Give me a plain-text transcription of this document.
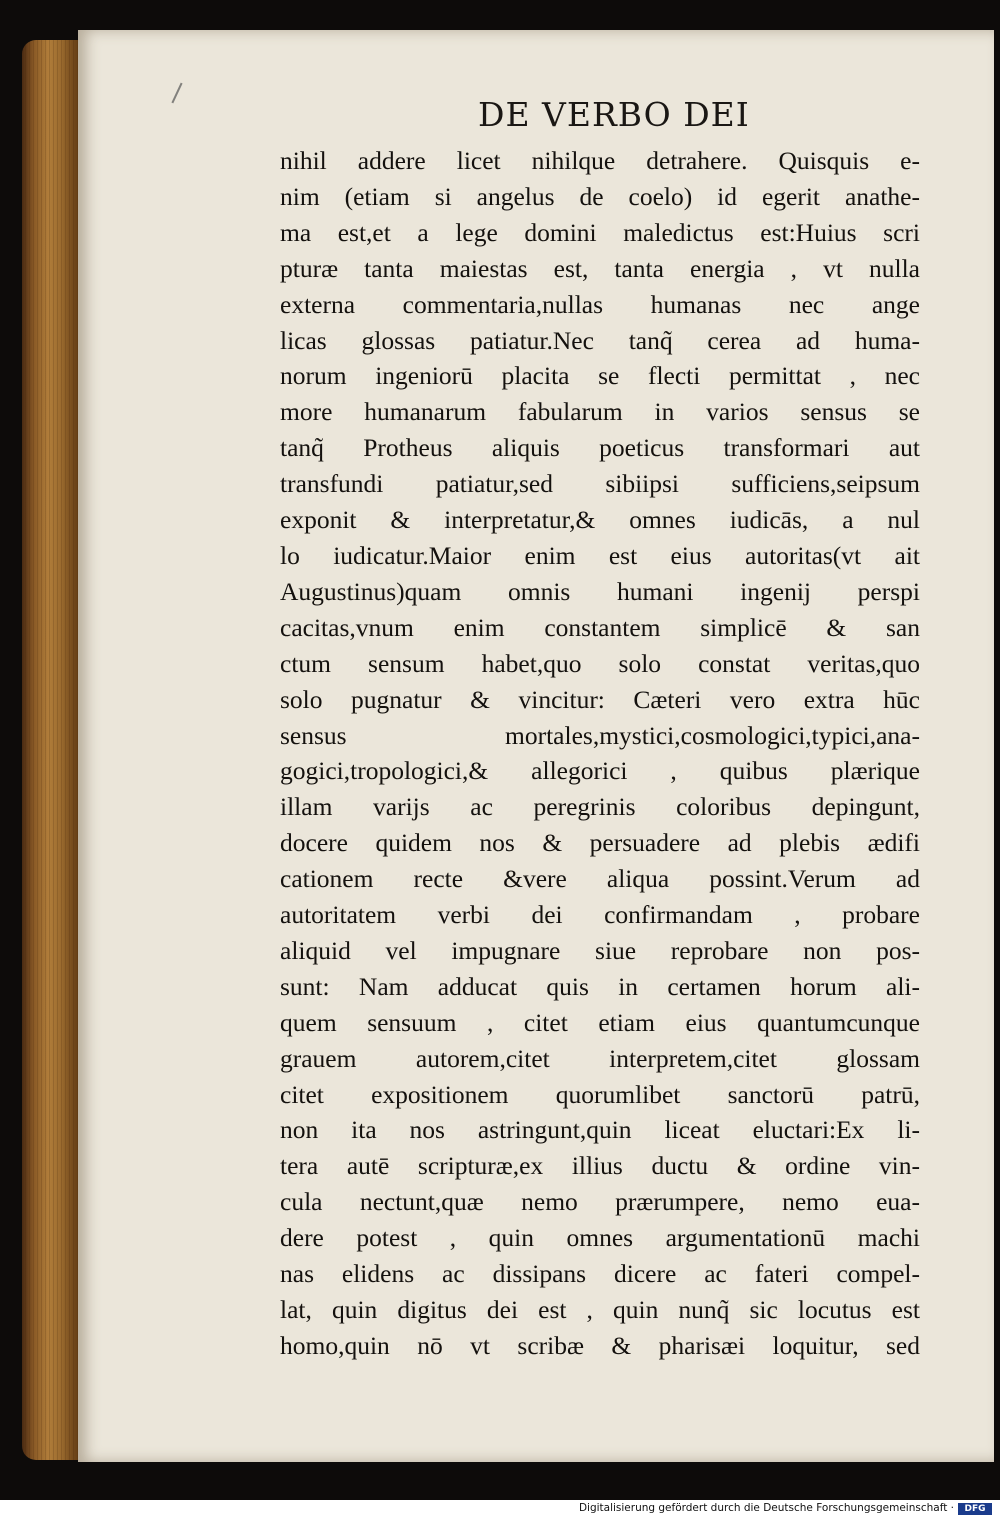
DE VERBO DEI
nihil addere licet nihilque detrahere. Quisquis e-
nim (etiam si angelus de coelo) id egerit anathe-
ma est,et a lege domini maledictus est:Huius scri
pturæ tanta maiestas est, tanta energia , vt nulla
externa commentaria,nullas humanas nec ange
licas glossas patiatur.Nec tanq̃ cerea ad huma-
norum ingeniorū placita se flecti permittat , nec
more humanarum fabularum in varios sensus se
tanq̃ Protheus aliquis poeticus transformari aut
transfundi patiatur,sed sibiipsi sufficiens,seipsum
exponit & interpretatur,& omnes iudicās, a nul
lo iudicatur.Maior enim est eius autoritas(vt ait
Augustinus)quam omnis humani ingenij perspi
cacitas,vnum enim constantem simplicē & san
ctum sensum habet,quo solo constat veritas,quo
solo pugnatur & vincitur: Cæteri vero extra hūc
sensus mortales,mystici,cosmologici,typici,ana-
gogici,tropologici,& allegorici , quibus plærique
illam varijs ac peregrinis coloribus depingunt,
docere quidem nos & persuadere ad plebis ædifi
cationem recte &vere aliqua possint.Verum ad
autoritatem verbi dei confirmandam , probare
aliquid vel impugnare siue reprobare non pos-
sunt: Nam adducat quis in certamen horum ali-
quem sensuum , citet etiam eius quantumcunque
grauem autorem,citet interpretem,citet glossam
citet expositionem quorumlibet sanctorū patrū,
non ita nos astringunt,quin liceat eluctari:Ex li-
tera autē scripturæ,ex illius ductu & ordine vin-
cula nectunt,quæ nemo prærumpere, nemo eua-
dere potest , quin omnes argumentationū machi
nas elidens ac dissipans dicere ac fateri compel-
lat, quin digitus dei est , quin nunq̃ sic locutus est
homo,quin nō vt scribæ & pharisæi loquitur, sed
Digitalisierung gefördert durch die Deutsche Forschungsgemeinschaft ·	DFG
